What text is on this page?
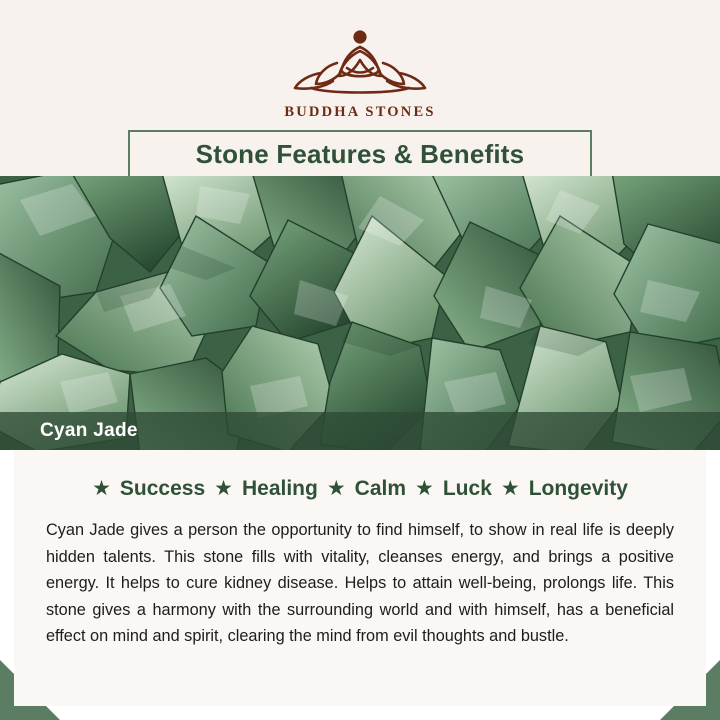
BUDDHA STONES
Stone Features & Benefits
Cyan Jade
★ Success ★ Healing ★ Calm ★ Luck ★ Longevity

Cyan Jade gives a person the opportunity to find himself, to show in real life is deeply hidden talents. This stone fills with vitality, cleanses energy, and brings a positive energy. It helps to cure kidney disease. Helps to attain well-being, prolongs life. This stone gives a harmony with the surrounding world and with himself, has a beneficial effect on mind and spirit, clearing the mind from evil thoughts and bustle.
